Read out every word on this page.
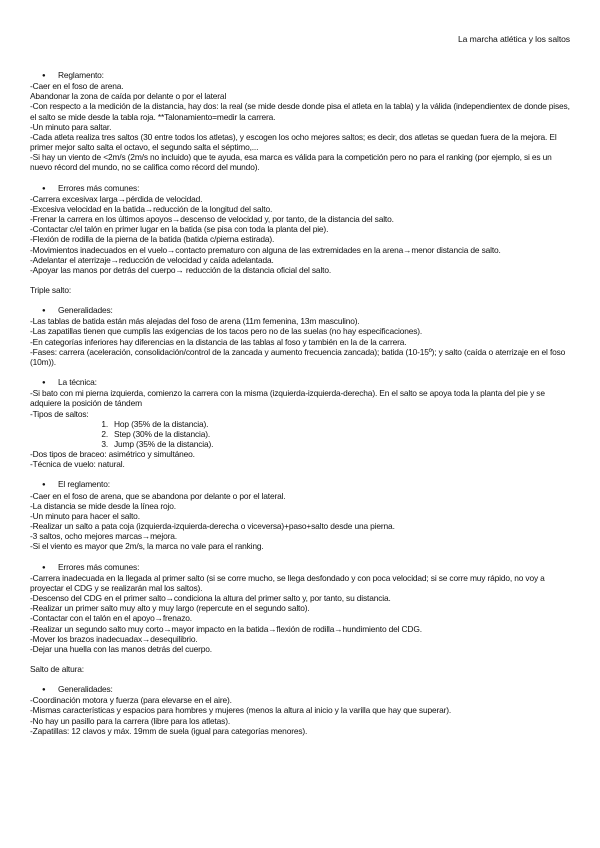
La marcha atlética y los saltos
● Reglamento:
-Caer en el foso de arena.
Abandonar la zona de caída por delante o por el lateral
-Con respecto a la medición de la distancia, hay dos: la real (se mide desde donde pisa el atleta en la tabla) y la válida (independientex de donde pises, el salto se mide desde la tabla roja. **Talonamiento=medir la carrera.
-Un minuto para saltar.
-Cada atleta realiza tres saltos (30 entre todos los atletas), y escogen los ocho mejores saltos; es decir, dos atletas se quedan fuera de la mejora. El primer mejor salto salta el octavo, el segundo salta el séptimo,...
-Si hay un viento de <2m/s (2m/s no incluido) que te ayuda, esa marca es válida para la competición pero no para el ranking (por ejemplo, si es un nuevo récord del mundo, no se califica como récord del mundo).
● Errores más comunes:
-Carrera excesivax larga→pérdida de velocidad.
-Excesiva velocidad en la batida→reducción de la longitud del salto.
-Frenar la carrera en los últimos apoyos→descenso de velocidad y, por tanto, de la distancia del salto.
-Contactar c/el talón en primer lugar en la batida (se pisa con toda la planta del pie).
-Flexión de rodilla de la pierna de la batida (batida c/pierna estirada).
-Movimientos inadecuados en el vuelo→contacto prematuro con alguna de las extremidades en la arena→menor distancia de salto.
-Adelantar el aterrizaje→reducción de velocidad y caída adelantada.
-Apoyar las manos por detrás del cuerpo→ reducción de la distancia oficial del salto.
Triple salto:
● Generalidades:
-Las tablas de batida están más alejadas del foso de arena (11m femenina, 13m masculino).
-Las zapatillas tienen que cumplis las exigencias de los tacos pero no de las suelas (no hay especificaciones).
-En categorías inferiores hay diferencias en la distancia de las tablas al foso y también en la de la carrera.
-Fases: carrera (aceleración, consolidación/control de la zancada y aumento frecuencia zancada); batida (10-15º); y salto (caída o aterrizaje en el foso (10m)).
● La técnica:
-Si bato con mi pierna izquierda, comienzo la carrera con la misma (izquierda-izquierda-derecha). En el salto se apoya toda la planta del pie y se adquiere la posición de tándem
-Tipos de saltos:
1. Hop (35% de la distancia).
2. Step (30% de la distancia).
3. Jump (35% de la distancia).
-Dos tipos de braceo: asimétrico y simultáneo.
-Técnica de vuelo: natural.
● El reglamento:
-Caer en el foso de arena, que se abandona por delante o por el lateral.
-La distancia se mide desde la línea rojo.
-Un minuto para hacer el salto.
-Realizar un salto a pata coja (izquierda-izquierda-derecha o viceversa)+paso+salto desde una pierna.
-3 saltos, ocho mejores marcas→mejora.
-Si el viento es mayor que 2m/s, la marca no vale para el ranking.
● Errores más comunes:
-Carrera inadecuada en la llegada al primer salto (si se corre mucho, se llega desfondado y con poca velocidad; si se corre muy rápido, no voy a proyectar el CDG y se realizarán mal los saltos).
-Descenso del CDG en el primer salto→condiciona la altura del primer salto y, por tanto, su distancia.
-Realizar un primer salto muy alto y muy largo (repercute en el segundo salto).
-Contactar con el talón en el apoyo→frenazo.
-Realizar un segundo salto muy corto→mayor impacto en la batida→flexión de rodilla→hundimiento del CDG.
-Mover los brazos inadecuadax→desequilibrio.
-Dejar una huella con las manos detrás del cuerpo.
Salto de altura:
● Generalidades:
-Coordinación motora y fuerza (para elevarse en el aire).
-Mismas características y espacios para hombres y mujeres (menos la altura al inicio y la varilla que hay que superar).
-No hay un pasillo para la carrera (libre para los atletas).
-Zapatillas: 12 clavos y máx. 19mm de suela (igual para categorías menores).
